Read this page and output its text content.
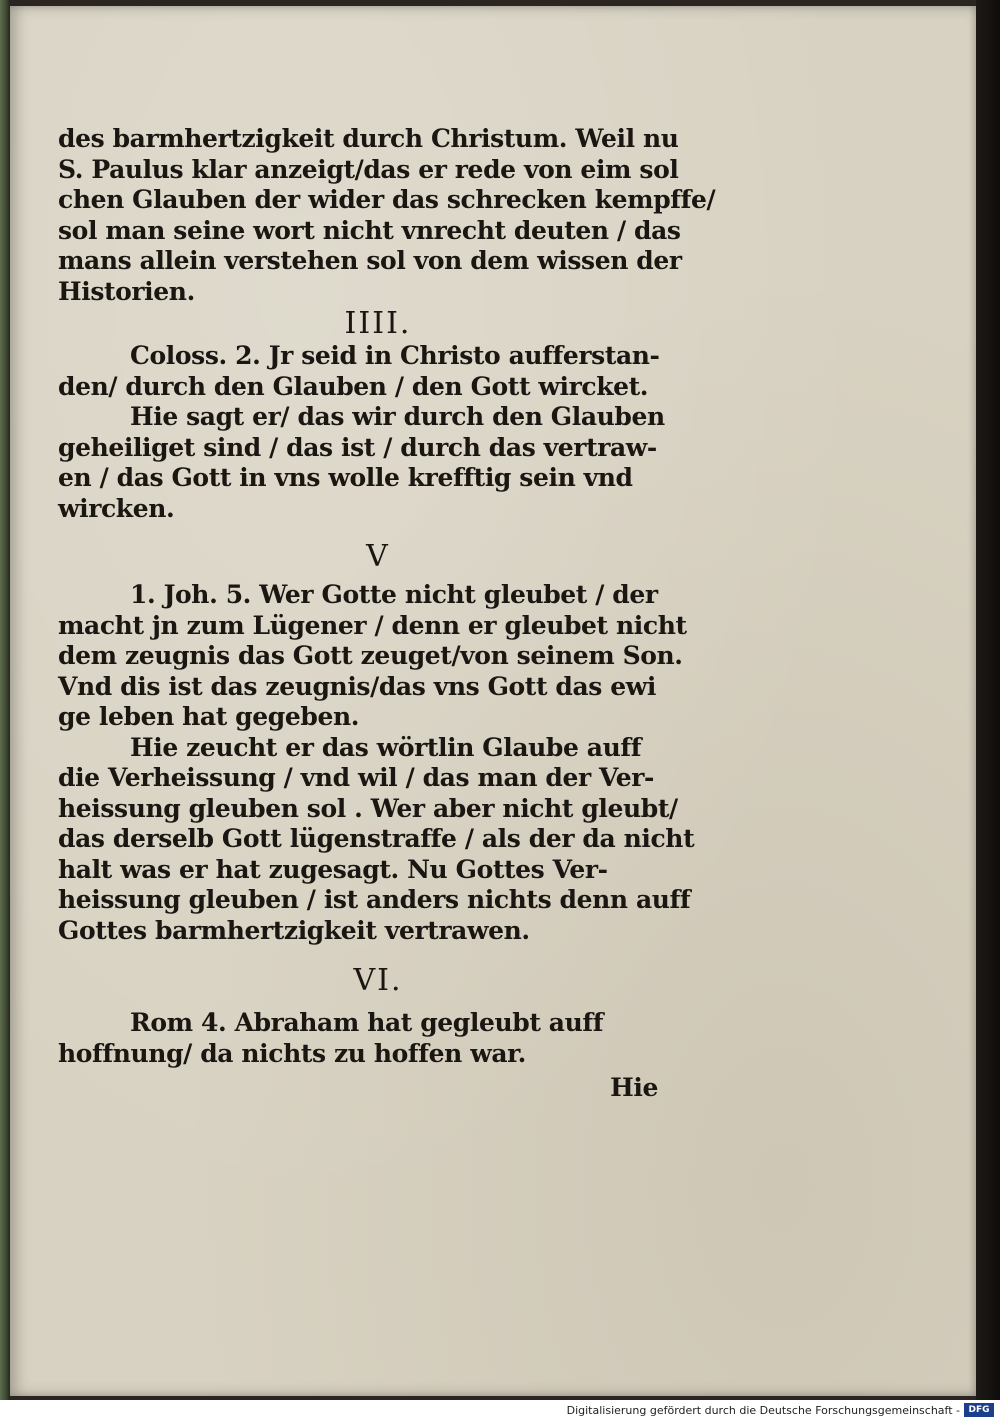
des barmhertzigkeit durch Christum. Weil nu
S. Paulus klar anzeigt/das er rede von eim sol
chen Glauben der wider das schrecken kempffe/
sol man seine wort nicht vnrecht deuten / das
mans allein verstehen sol von dem wissen der
Historien.
IIII.
Coloss. 2. Jr seid in Christo aufferstan-
den/ durch den Glauben / den Gott wircket.
Hie sagt er/ das wir durch den Glauben
geheiliget sind / das ist / durch das vertraw-
en / das Gott in vns wolle krefftig sein vnd
wircken.
V
1. Joh. 5. Wer Gotte nicht gleubet / der
macht jn zum Lügener / denn er gleubet nicht
dem zeugnis das Gott zeuget/von seinem Son.
Vnd dis ist das zeugnis/das vns Gott das ewi
ge leben hat gegeben.
Hie zeucht er das wörtlin Glaube auff
die Verheissung / vnd wil / das man der Ver-
heissung gleuben sol . Wer aber nicht gleubt/
das derselb Gott lügenstraffe / als der da nicht
halt was er hat zugesagt. Nu Gottes Ver-
heissung gleuben / ist anders nichts denn auff
Gottes barmhertzigkeit vertrawen.
VI.
Rom 4. Abraham hat gegleubt auff
hoffnung/ da nichts zu hoffen war.
Hie
Digitalisierung gefördert durch die Deutsche Forschungsgemeinschaft - DFG
